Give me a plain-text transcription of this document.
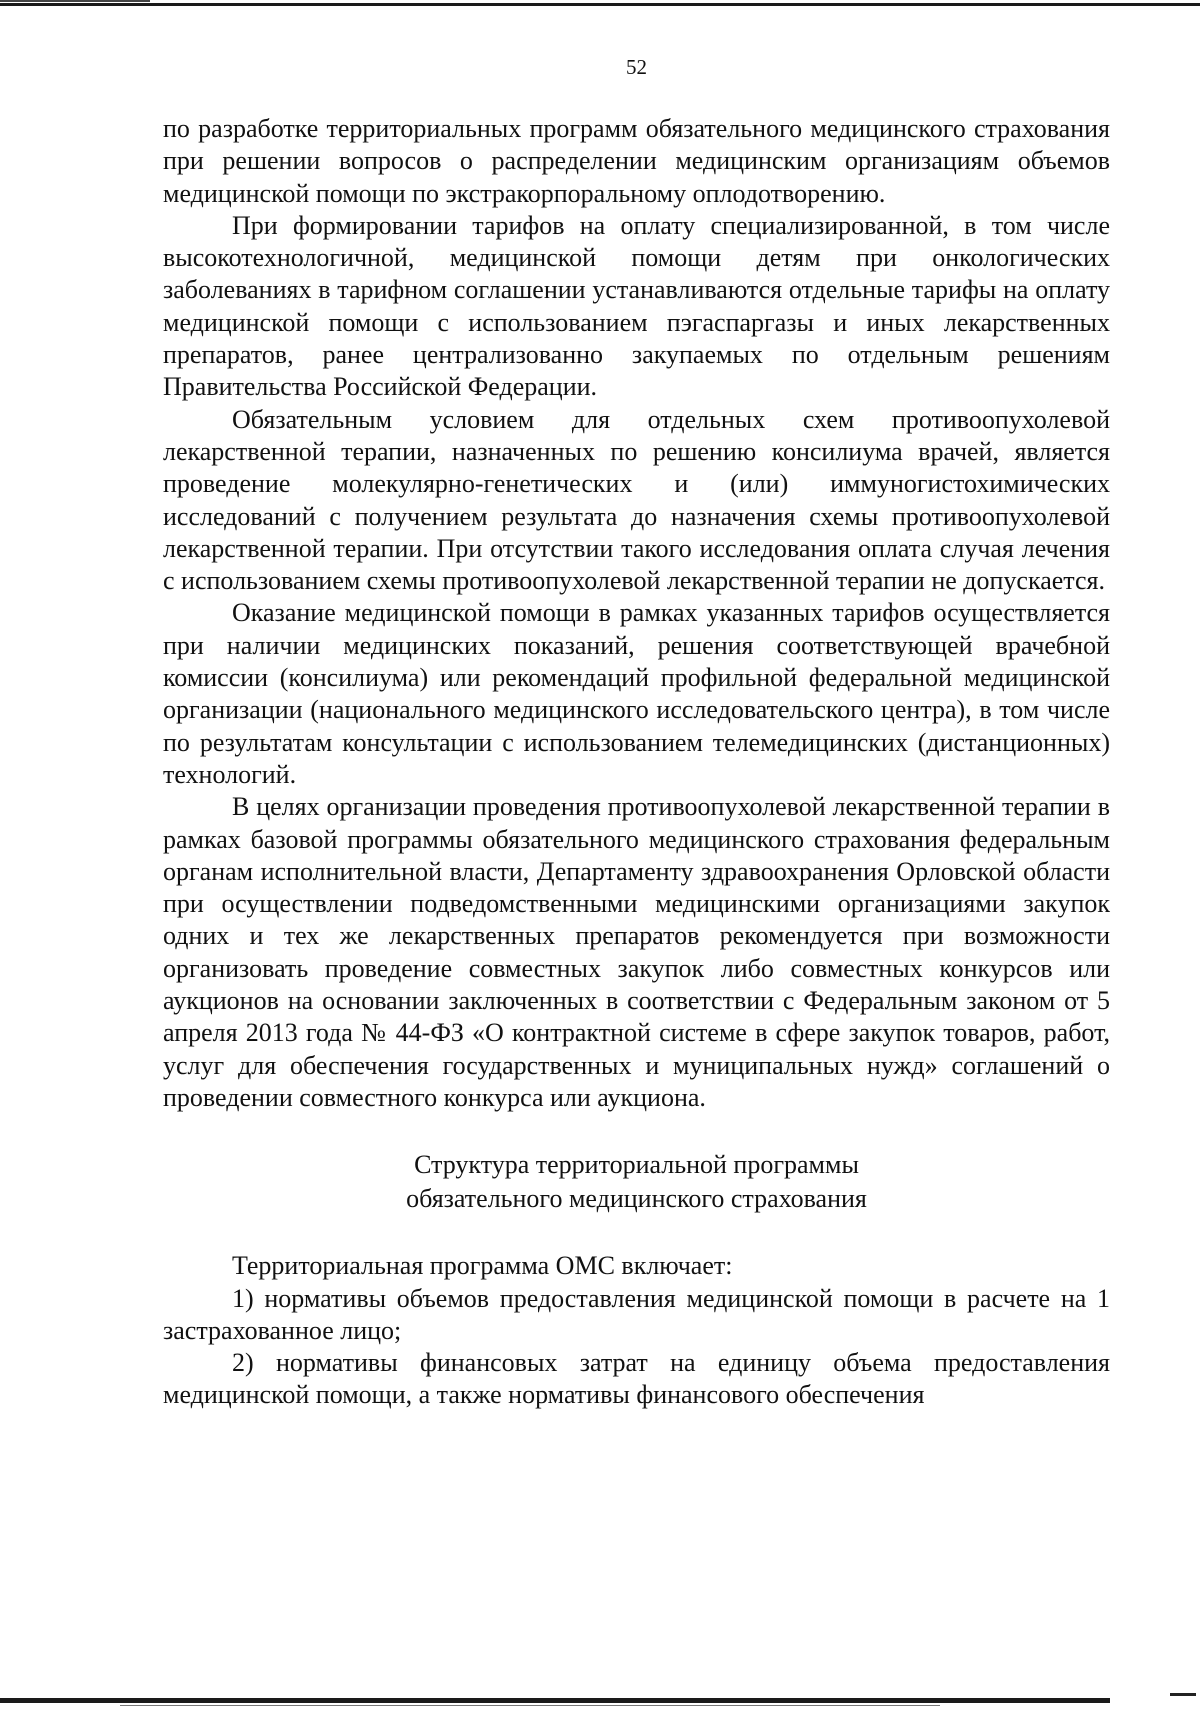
52

по разработке территориальных программ обязательного медицинского страхования при решении вопросов о распределении медицинским организациям объемов медицинской помощи по экстракорпоральному оплодотворению.

При формировании тарифов на оплату специализированной, в том числе высокотехнологичной, медицинской помощи детям при онкологических заболеваниях в тарифном соглашении устанавливаются отдельные тарифы на оплату медицинской помощи с использованием пэгаспаргазы и иных лекарственных препаратов, ранее централизованно закупаемых по отдельным решениям Правительства Российской Федерации.

Обязательным условием для отдельных схем противоопухолевой лекарственной терапии, назначенных по решению консилиума врачей, является проведение молекулярно-генетических и (или) иммуногистохимических исследований с получением результата до назначения схемы противоопухолевой лекарственной терапии. При отсутствии такого исследования оплата случая лечения с использованием схемы противоопухолевой лекарственной терапии не допускается.

Оказание медицинской помощи в рамках указанных тарифов осуществляется при наличии медицинских показаний, решения соответствующей врачебной комиссии (консилиума) или рекомендаций профильной федеральной медицинской организации (национального медицинского исследовательского центра), в том числе по результатам консультации с использованием телемедицинских (дистанционных) технологий.

В целях организации проведения противоопухолевой лекарственной терапии в рамках базовой программы обязательного медицинского страхования федеральным органам исполнительной власти, Департаменту здравоохранения Орловской области при осуществлении подведомственными медицинскими организациями закупок одних и тех же лекарственных препаратов рекомендуется при возможности организовать проведение совместных закупок либо совместных конкурсов или аукционов на основании заключенных в соответствии с Федеральным законом от 5 апреля 2013 года № 44-ФЗ «О контрактной системе в сфере закупок товаров, работ, услуг для обеспечения государственных и муниципальных нужд» соглашений о проведении совместного конкурса или аукциона.

Структура территориальной программы
обязательного медицинского страхования

Территориальная программа ОМС включает:

1) нормативы объемов предоставления медицинской помощи в расчете на 1 застрахованное лицо;

2) нормативы финансовых затрат на единицу объема предоставления медицинской помощи, а также нормативы финансового обеспечения
